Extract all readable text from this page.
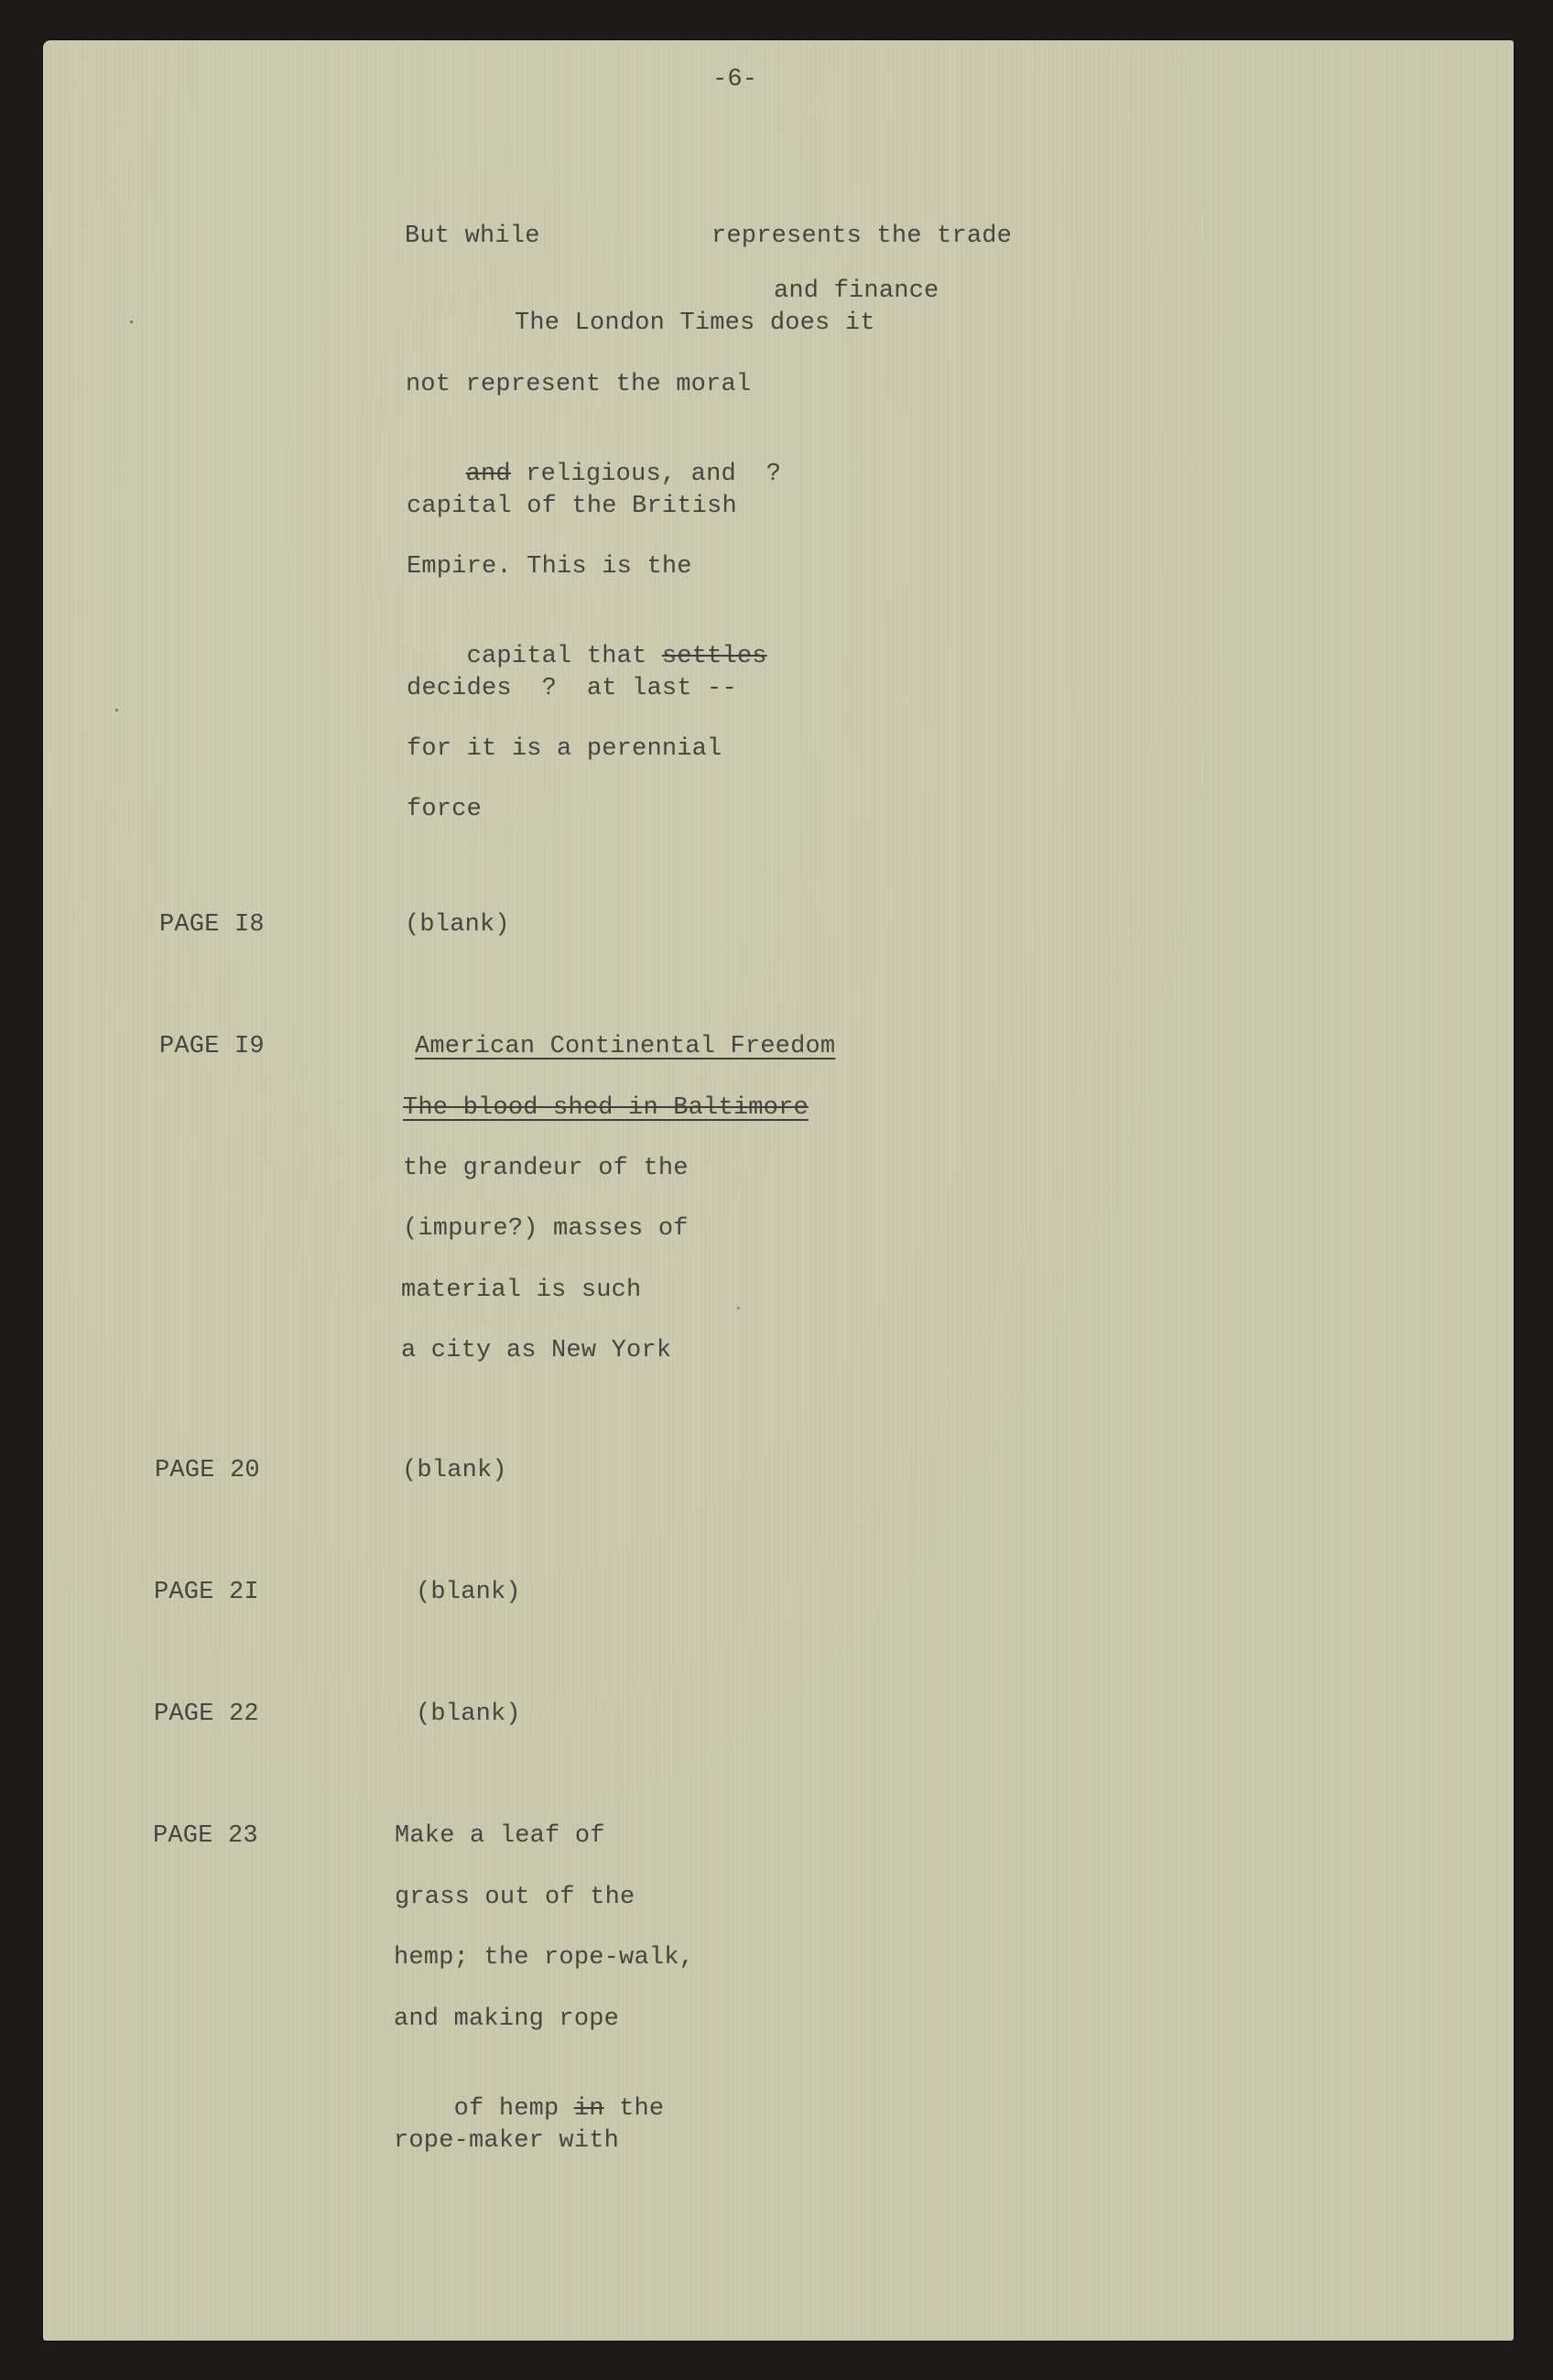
-6-
But while	represents the trade
and finance
The London Times does it
not represent the moral

and religious, and  ?

capital of the British
Empire. This is the

capital that settles

decides  ?  at last --
for it is a perennial
force
PAGE I8	(blank)
PAGE I9	American Continental Freedom
The blood shed in Baltimore
the grandeur of the
(impure?) masses of
material is such
a city as New York
PAGE 20	(blank)
PAGE 2I	(blank)
PAGE 22	(blank)
PAGE 23	Make a leaf of
grass out of the
hemp; the rope-walk,
and making rope

of hemp in the

rope-maker with
